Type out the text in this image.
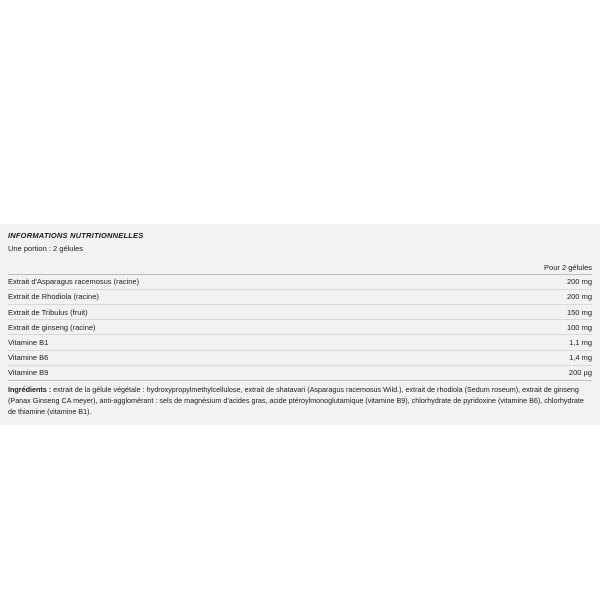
INFORMATIONS NUTRITIONNELLES

Une portion : 2 gélules

	Pour 2 gélules
Extrait d'Asparagus racemosus (racine)	200 mg
Extrait de Rhodiola (racine)	200 mg
Extrait de Tribulus (fruit)	150 mg
Extrait de ginseng (racine)	100 mg
Vitamine B1	1,1 mg
Vitamine B6	1,4 mg
Vitamine B9	200 µg

Ingrédients : extrait de la gélule végétale : hydroxypropylmethylcellulose, extrait de shatavari (Asparagus racemosus Wild.), extrait de rhodiola (Sedum roseum), extrait de ginseng (Panax Ginseng CA meyer), anti-agglomérant : sels de magnésium d'acides gras, acide ptéroylmonoglutamique (vitamine B9), chlorhydrate de pyridoxine (vitamine B6), chlorhydrate de thiamine (vitamine B1).
